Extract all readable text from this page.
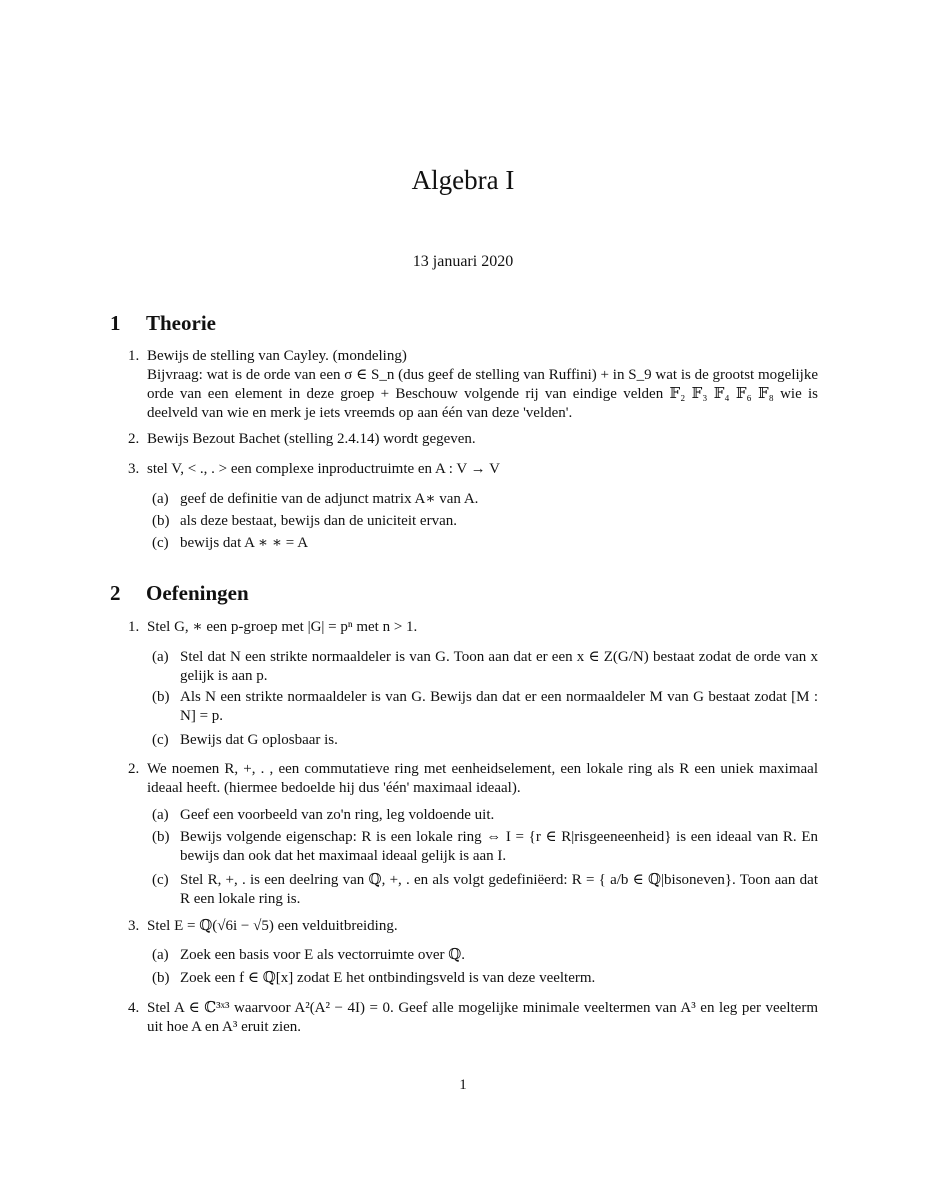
Algebra I
13 januari 2020
1 Theorie
1. Bewijs de stelling van Cayley. (mondeling)
Bijvraag: wat is de orde van een σ ∈ S_n (dus geef de stelling van Ruffini) + in S_9 wat is de grootst mogelijke orde van een element in deze groep + Beschouw volgende rij van eindige velden 𝔽₂ 𝔽₃ 𝔽₄ 𝔽₆ 𝔽₈ wie is deelveld van wie en merk je iets vreemds op aan één van deze 'velden'.
2. Bewijs Bezout Bachet (stelling 2.4.14) wordt gegeven.
3. stel V, < ., . > een complexe inproductruimte en A : V → V
(a) geef de definitie van de adjunct matrix A∗ van A.
(b) als deze bestaat, bewijs dan de uniciteit ervan.
(c) bewijs dat A ∗ ∗ = A
2 Oefeningen
1. Stel G, ∗ een p-groep met |G| = pⁿ met n > 1.
(a) Stel dat N een strikte normaaldeler is van G. Toon aan dat er een x ∈ Z(G/N) bestaat zodat de orde van x gelijk is aan p.
(b) Als N een strikte normaaldeler is van G. Bewijs dan dat er een normaaldeler M van G bestaat zodat [M : N] = p.
(c) Bewijs dat G oplosbaar is.
2. We noemen R, +, . , een commutatieve ring met eenheidselement, een lokale ring als R een uniek maximaal ideaal heeft. (hiermee bedoelde hij dus 'één' maximaal ideaal).
(a) Geef een voorbeeld van zo'n ring, leg voldoende uit.
(b) Bewijs volgende eigenschap: R is een lokale ring ⇔ I = {r ∈ R|risgeeneenheid} is een ideaal van R. En bewijs dan ook dat het maximaal ideaal gelijk is aan I.
(c) Stel R, +, . is een deelring van ℚ, +, . en als volgt gedefiniëerd: R = { a/b ∈ ℚ|bisoneven}. Toon aan dat R een lokale ring is.
3. Stel E = ℚ(√6i − √5) een velduitbreiding.
(a) Zoek een basis voor E als vectorruimte over ℚ.
(b) Zoek een f ∈ ℚ[x] zodat E het ontbindingsveld is van deze veelterm.
4. Stel A ∈ ℂ³ˣ³ waarvoor A²(A² − 4I) = 0. Geef alle mogelijke minimale veeltermen van A³ en leg per veelterm uit hoe A en A³ eruit zien.
1
